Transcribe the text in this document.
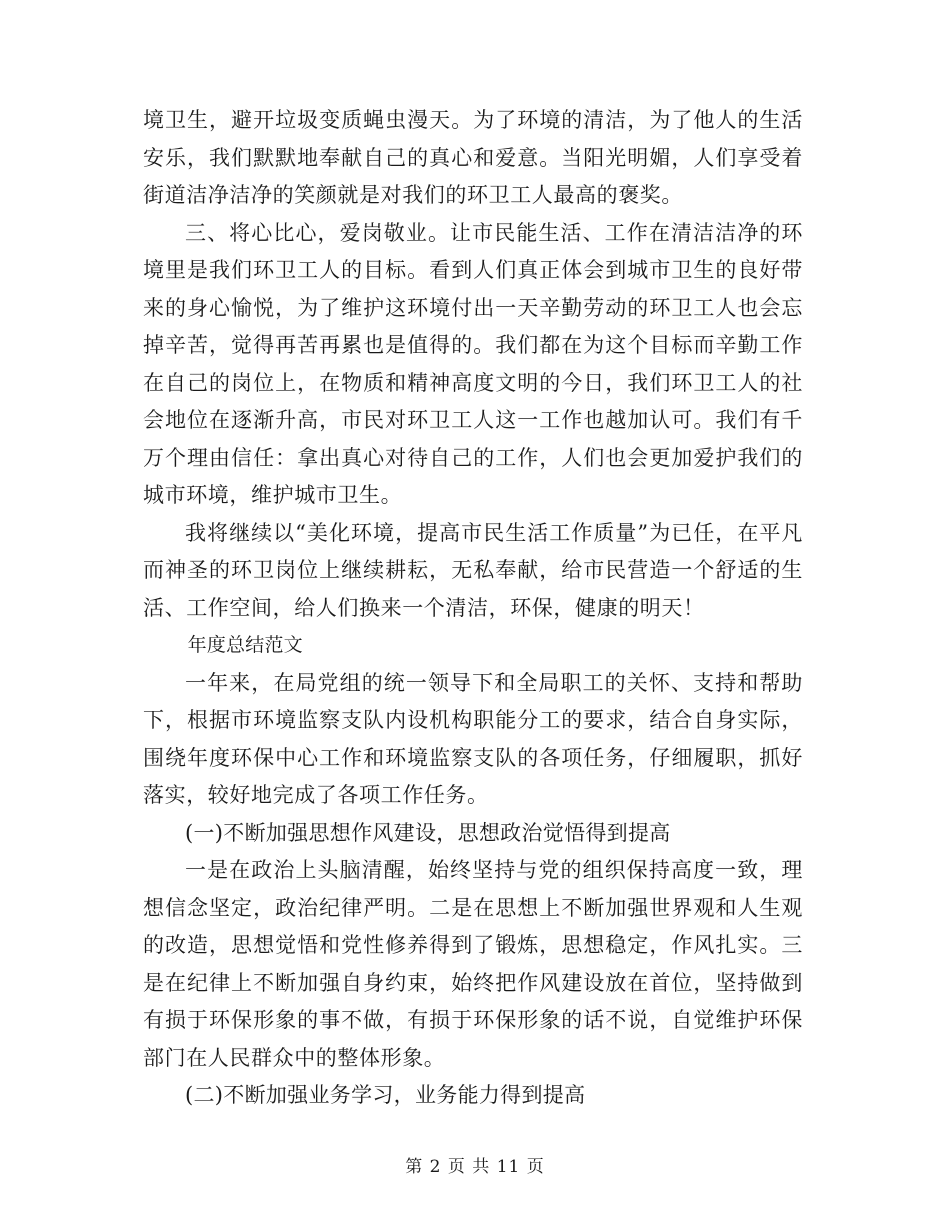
境卫生，避开垃圾变质蝇虫漫天。为了环境的清洁，为了他人的生活安乐，我们默默地奉献自己的真心和爱意。当阳光明媚，人们享受着街道洁净洁净的笑颜就是对我们的环卫工人最高的褒奖。

三、将心比心，爱岗敬业。让市民能生活、工作在清洁洁净的环境里是我们环卫工人的目标。看到人们真正体会到城市卫生的良好带来的身心愉悦，为了维护这环境付出一天辛勤劳动的环卫工人也会忘掉辛苦，觉得再苦再累也是值得的。我们都在为这个目标而辛勤工作在自己的岗位上，在物质和精神高度文明的今日，我们环卫工人的社会地位在逐渐升高，市民对环卫工人这一工作也越加认可。我们有千万个理由信任：拿出真心对待自己的工作，人们也会更加爱护我们的城市环境，维护城市卫生。

我将继续以“美化环境，提高市民生活工作质量”为已任，在平凡而神圣的环卫岗位上继续耕耘，无私奉献，给市民营造一个舒适的生活、工作空间，给人们换来一个清洁，环保，健康的明天！

年度总结范文

一年来，在局党组的统一领导下和全局职工的关怀、支持和帮助下，根据市环境监察支队内设机构职能分工的要求，结合自身实际，围绕年度环保中心工作和环境监察支队的各项任务，仔细履职，抓好落实，较好地完成了各项工作任务。

(一)不断加强思想作风建设，思想政治觉悟得到提高

一是在政治上头脑清醒，始终坚持与党的组织保持高度一致，理想信念坚定，政治纪律严明。二是在思想上不断加强世界观和人生观的改造，思想觉悟和党性修养得到了锻炼，思想稳定，作风扎实。三是在纪律上不断加强自身约束，始终把作风建设放在首位，坚持做到有损于环保形象的事不做，有损于环保形象的话不说，自觉维护环保部门在人民群众中的整体形象。

(二)不断加强业务学习，业务能力得到提高

第 2 页 共 11 页
